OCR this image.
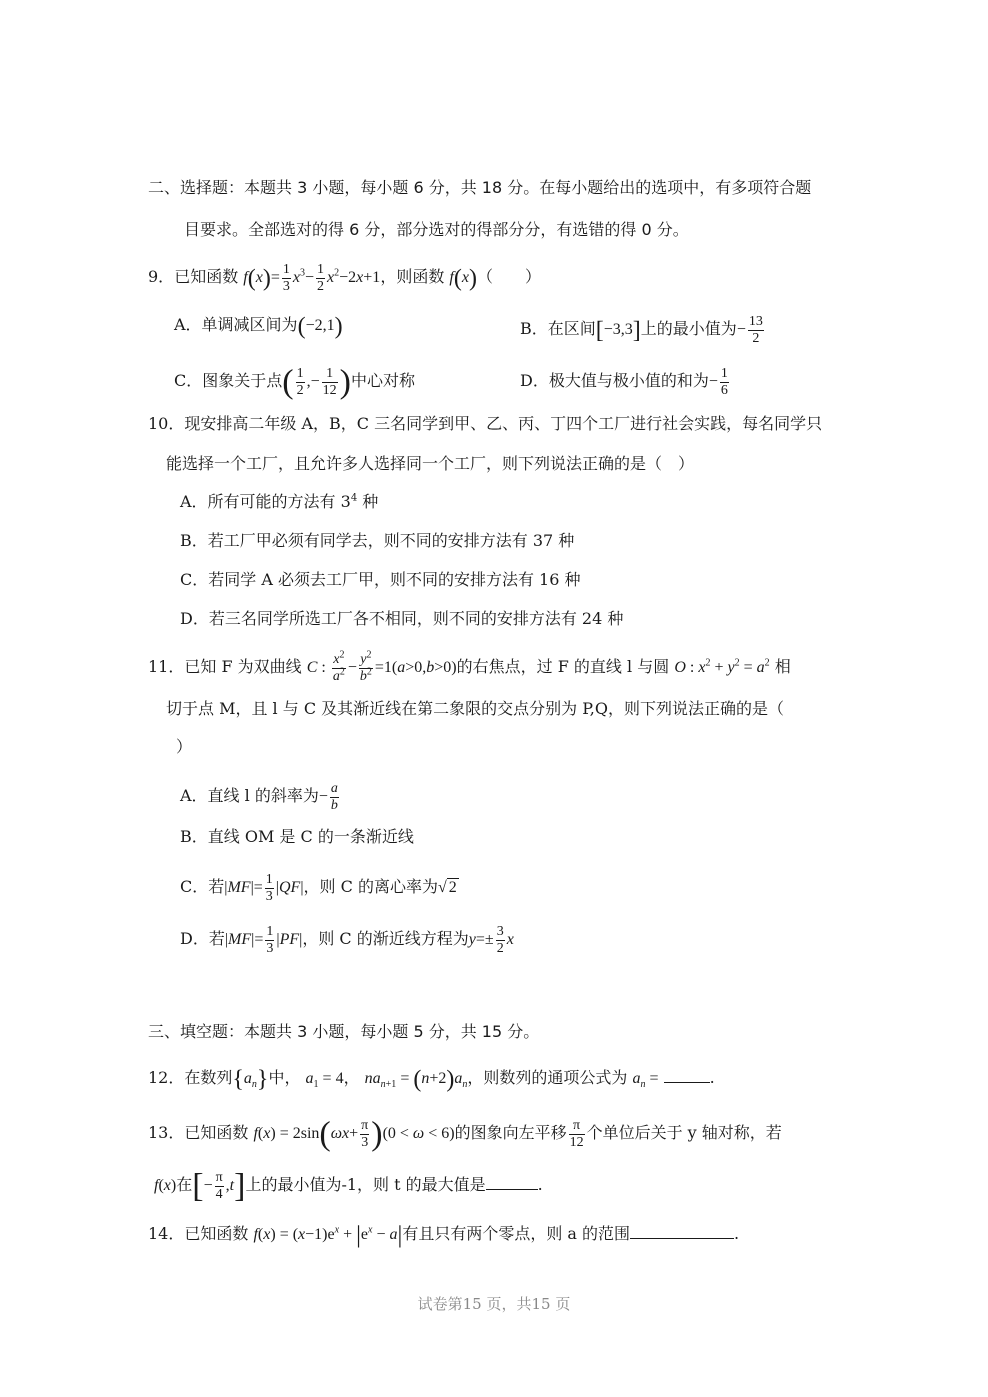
二、选择题：本题共 3 小题，每小题 6 分，共 18 分。在每小题给出的选项中，有多项符合题
目要求。全部选对的得 6 分，部分选对的得部分分，有选错的得 0 分。
9．已知函数 $f(x)= \frac{1}{3} x^3- \frac{1}{2} x^2-2x+1$，则函数 f(x)（　　）
A．单调减区间为(−2,1)	B．在区间[−3,3]上的最小值为− $\frac{13}{2}$
C．图象关于点( $\frac{1}{2}$ ,− $\frac{1}{12}$ )中心对称	D．极大值与极小值的和为− $\frac{1}{6}$
10．现安排高二年级 A，B，C 三名同学到甲、乙、丙、丁四个工厂进行社会实践，每名同学只
能选择一个工厂，且允许多人选择同一个工厂，则下列说法正确的是（　）
A．所有可能的方法有 $3^4$ 种
B．若工厂甲必须有同学去，则不同的安排方法有 37 种
C．若同学 A 必须去工厂甲，则不同的安排方法有 16 种
D．若三名同学所选工厂各不相同，则不同的安排方法有 24 种
11．已知 F 为双曲线 C : $\frac{x^2}{a^2} - \frac{y^2}{b^2} =1(a>0,b>0)$的右焦点，过 F 的直线 l 与圆 O : $x^2 + y^2 = a^2$ 相
切于点 M，且 l 与 C 及其渐近线在第二象限的交点分别为 P,Q，则下列说法正确的是（
）
A．直线 l 的斜率为− $\frac{a}{b}$
B．直线 OM 是 C 的一条渐近线
C．若$|MF|= \frac{1}{3} |QF|$，则 C 的离心率为√ 2
D．若$|MF|= \frac{1}{3} |PF|$，则 C 的渐近线方程为$y=\pm \frac{3}{2}$ x
三、填空题：本题共 3 小题，每小题 5 分，共 15 分。
12．在数列$\{a_n\}$中， $a_1 = 4$， $na_{n+1} = (n+2)a_n$，则数列的通项公式为 $a_n$ =	.
13．已知函数 $f(x) = 2\sin(\omega x+ \frac{\pi}{3} )(0 < \omega < 6)$的图象向左平移 $\frac{\pi}{12}$ 个单位后关于 y 轴对称，若
f(x)在[− $\frac{\pi}{4} ,t$]上的最小值为-1，则 t 的最大值是	.
14．已知函数 $f(x) = (x-1)e^x + |e^x - a|$有且只有两个零点，则 a 的范围	.
试卷第15 页，共15 页
